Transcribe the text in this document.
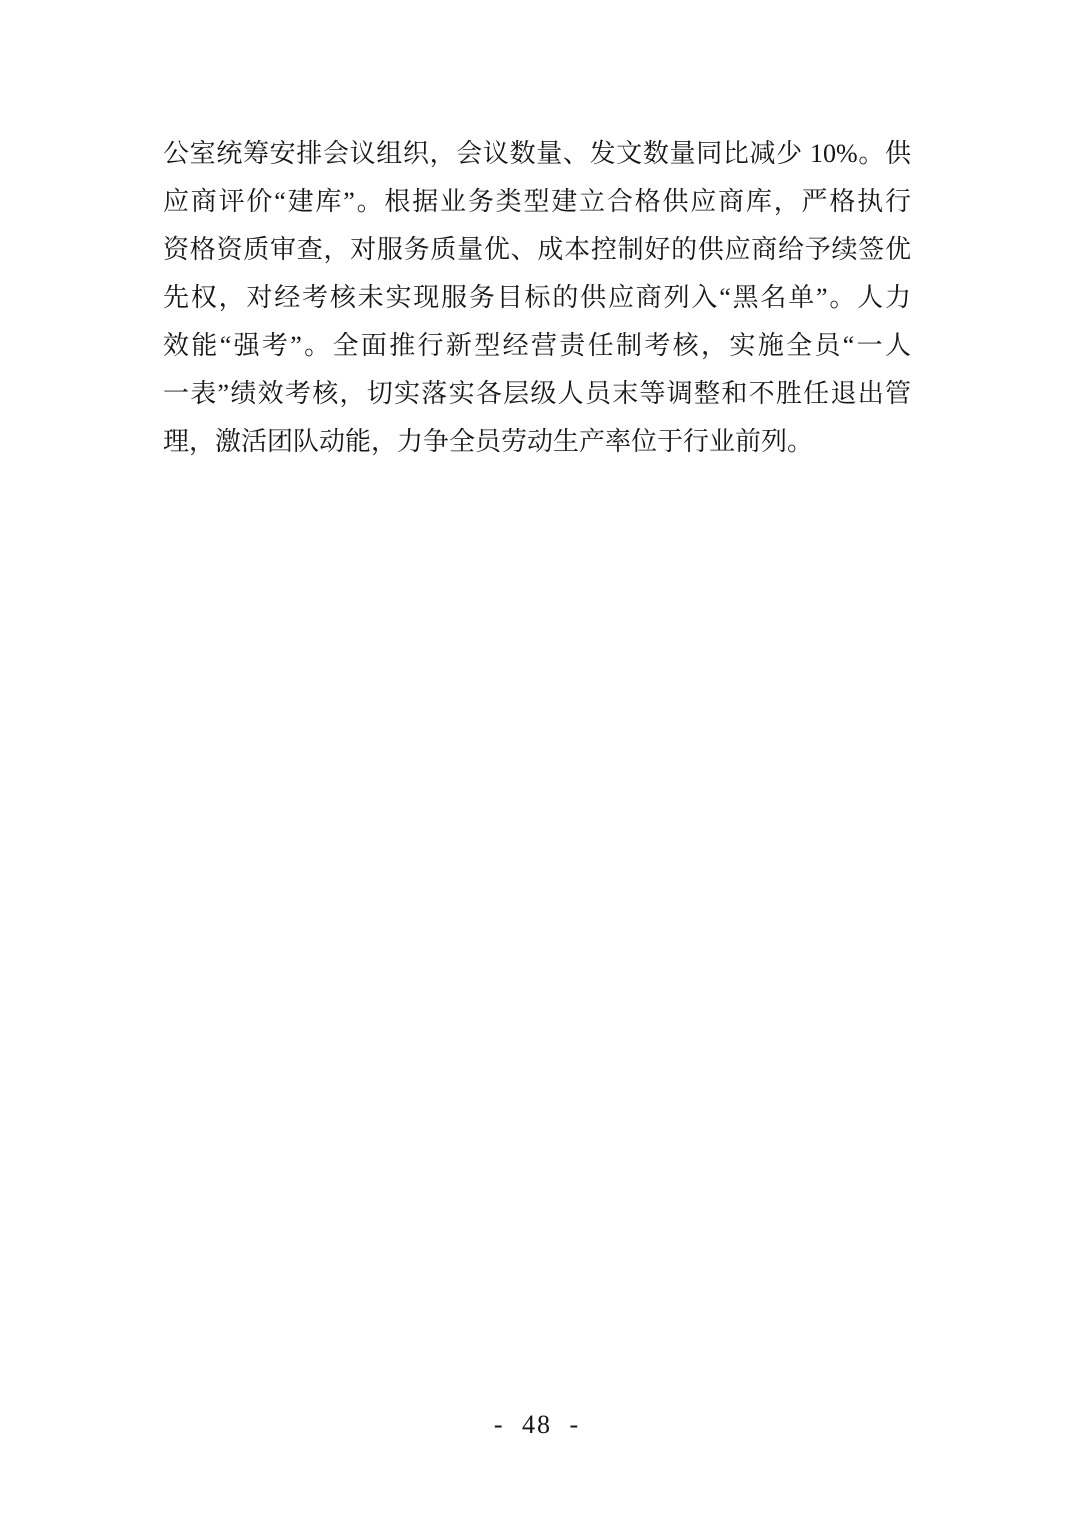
公室统筹安排会议组织，会议数量、发文数量同比减少 10%。供
应商评价“建库”。根据业务类型建立合格供应商库，严格执行
资格资质审查，对服务质量优、成本控制好的供应商给予续签优
先权，对经考核未实现服务目标的供应商列入“黑名单”。人力
效能“强考”。全面推行新型经营责任制考核，实施全员“一人
一表”绩效考核，切实落实各层级人员末等调整和不胜任退出管
理，激活团队动能，力争全员劳动生产率位于行业前列。
- 48 -
